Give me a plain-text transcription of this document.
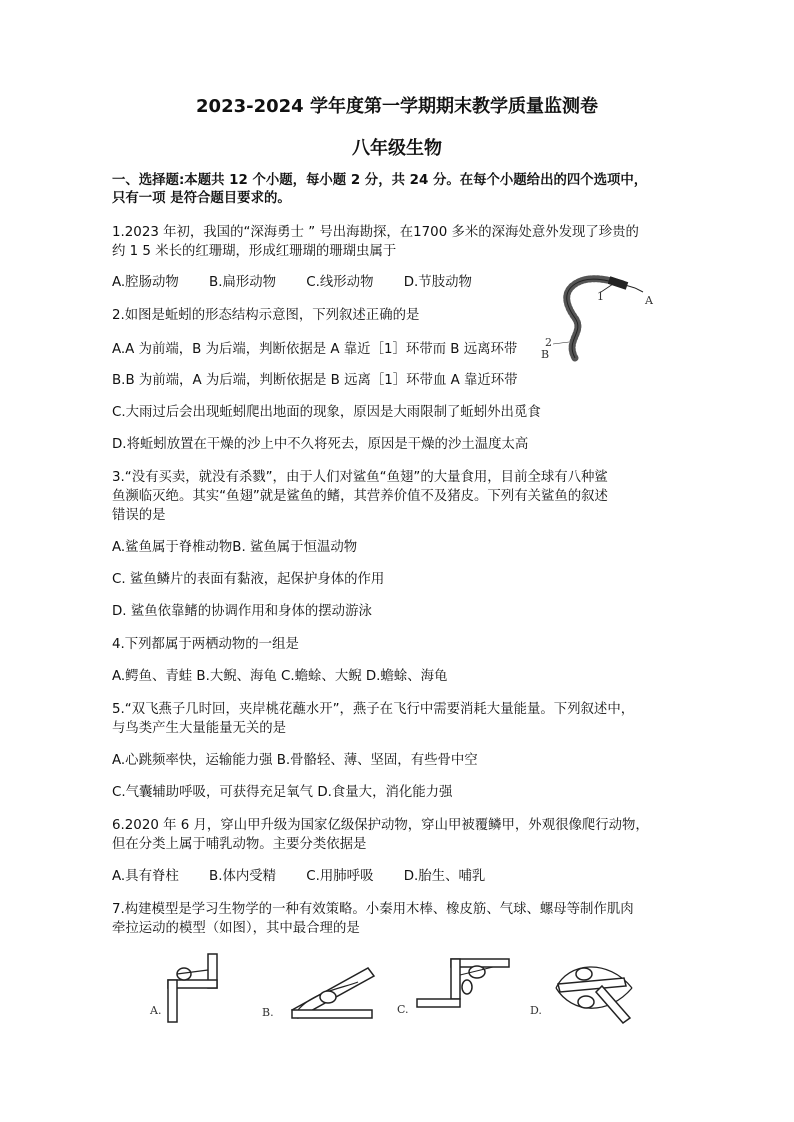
2023-2024 学年度第一学期期末教学质量监测卷
八年级生物
一、选择题:本题共 12 个小题，每小题 2 分，共 24 分。在每个小题给出的四个选项中，
只有一项 是符合题目要求的。
1.2023 年初，我国的“深海勇士 ” 号出海勘探，在1700 多米的深海处意外发现了珍贵的
约 1 5 米长的红珊瑚，形成红珊瑚的珊瑚虫属于
A.腔肠动物 B.扁形动物 C.线形动物 D.节肢动物
2.如图是蚯蚓的形态结构示意图，下列叙述正确的是
A.A 为前端，B 为后端，判断依据是 A 靠近［1］环带而 B 远离环带
B.B 为前端，A 为后端，判断依据是 B 远离［1］环带血 A 靠近环带
C.大雨过后会出现蚯蚓爬出地面的现象，原因是大雨限制了蚯蚓外出觅食
D.将蚯蚓放置在干燥的沙上中不久将死去，原因是干燥的沙土温度太高
1	A
2
B
3.“没有买卖，就没有杀戮”，由于人们对鲨鱼“鱼翅”的大量食用，目前全球有八种鲨
鱼濒临灭绝。其实“鱼翅”就是鲨鱼的鳍，其营养价值不及猪皮。下列有关鲨鱼的叙述
错误的是
A.鲨鱼属于脊椎动物B. 鲨鱼属于恒温动物
C. 鲨鱼鳞片的表面有黏液，起保护身体的作用
D. 鲨鱼依靠鳍的协调作用和身体的摆动游泳
4.下列都属于两栖动物的一组是
A.鳄鱼、青蛙 B.大鲵、海龟 C.蟾蜍、大鲵 D.蟾蜍、海龟
5.“双飞燕子几时回，夹岸桃花蘸水开”，燕子在飞行中需要消耗大量能量。下列叙述中，
与鸟类产生大量能量无关的是
A.心跳频率快，运输能力强 B.骨骼轻、薄、坚固，有些骨中空
C.气囊辅助呼吸，可获得充足氧气 D.食量大，消化能力强
6.2020 年 6 月，穿山甲升级为国家亿级保护动物，穿山甲被覆鳞甲，外观很像爬行动物，
但在分类上属于哺乳动物。主要分类依据是
A.具有脊柱 B.体内受精 C.用肺呼吸 D.胎生、哺乳
7.构建模型是学习生物学的一种有效策略。小秦用木棒、橡皮筋、气球、螺母等制作肌肉
牵拉运动的模型（如图），其中最合理的是
A.	B.	C.	D.
